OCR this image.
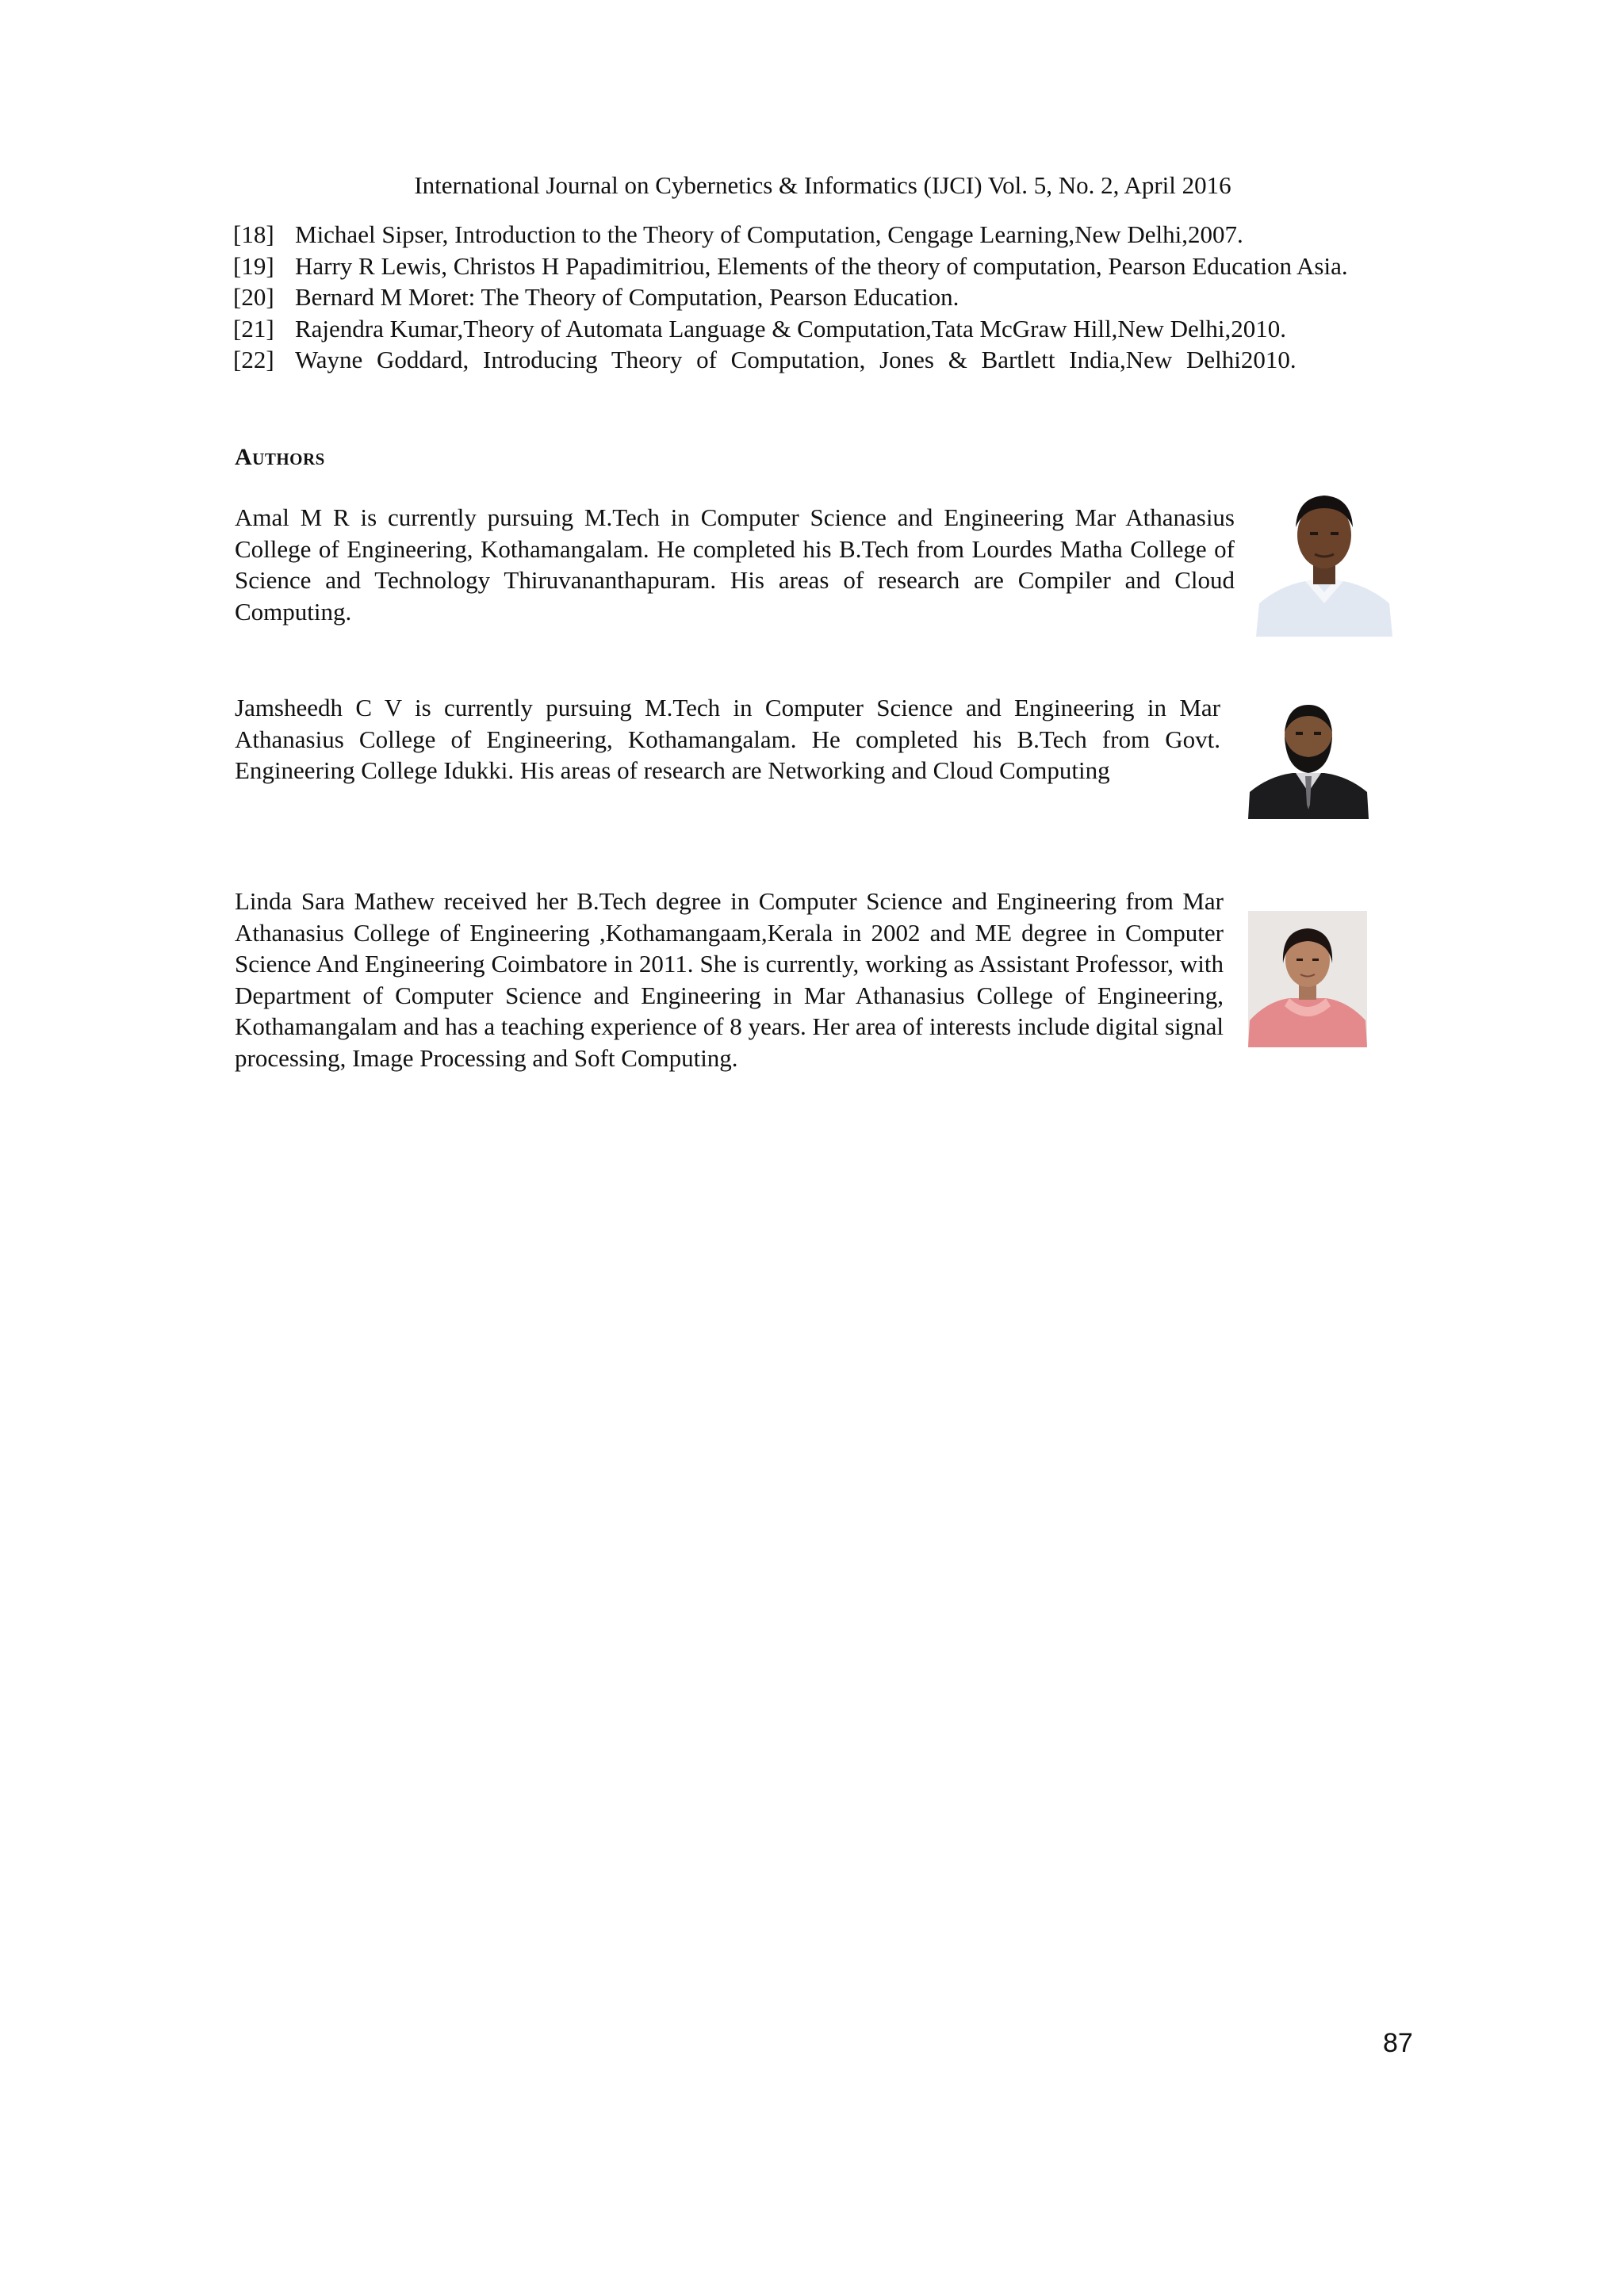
International Journal on Cybernetics & Informatics (IJCI) Vol. 5, No. 2, April 2016
[18] Michael Sipser, Introduction to the Theory of Computation, Cengage Learning,New Delhi,2007.
[19] Harry R Lewis, Christos H Papadimitriou, Elements of the theory of computation, Pearson Education Asia.
[20] Bernard M Moret: The Theory of Computation, Pearson Education.
[21] Rajendra Kumar,Theory of Automata Language & Computation,Tata McGraw Hill,New Delhi,2010.
[22] Wayne Goddard, Introducing Theory of Computation, Jones & Bartlett India,New Delhi2010.
Authors
Amal M R is currently pursuing M.Tech in Computer Science and Engineering Mar Athanasius College of Engineering, Kothamangalam. He completed his B.Tech from Lourdes Matha College of Science and Technology Thiruvananthapuram. His areas of research are Compiler and Cloud Computing.
Jamsheedh C V is currently pursuing M.Tech in Computer Science and Engineering in Mar Athanasius College of Engineering, Kothamangalam. He completed his B.Tech from Govt. Engineering College Idukki. His areas of research are Networking and Cloud Computing
Linda Sara Mathew received her B.Tech degree in Computer Science and Engineering from Mar Athanasius College of Engineering ,Kothamangaam,Kerala in 2002 and ME degree in Computer Science And Engineering Coimbatore in 2011. She is currently, working as Assistant Professor, with Department of Computer Science and Engineering in Mar Athanasius College of Engineering, Kothamangalam and has a teaching experience of 8 years. Her area of interests include digital signal processing, Image Processing and Soft Computing.
87
